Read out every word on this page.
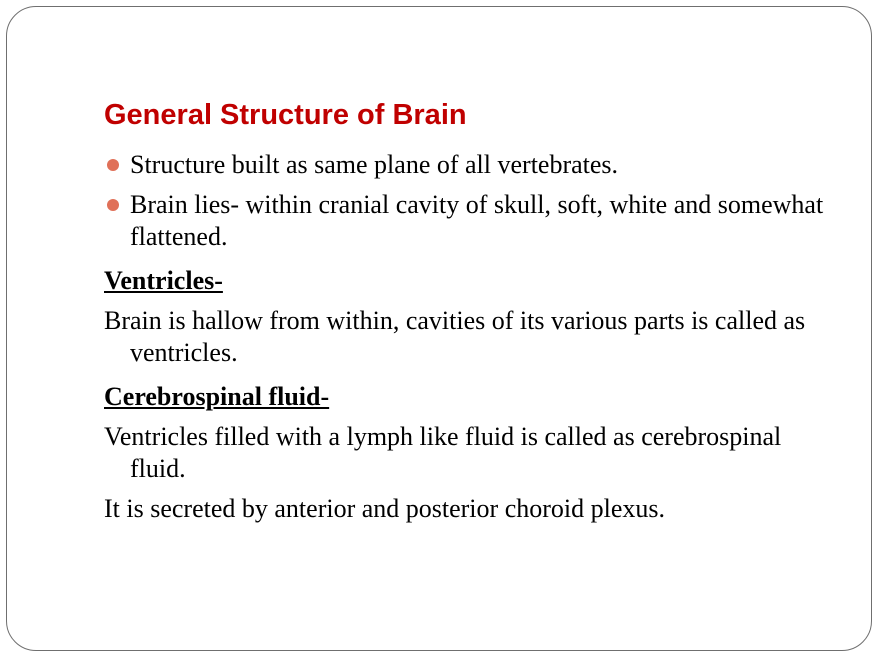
General Structure of Brain
Structure built as same plane of all vertebrates.
Brain lies- within cranial cavity of skull, soft, white and somewhat flattened.
Ventricles-
Brain is hallow from within, cavities of its various parts is called as ventricles.
Cerebrospinal fluid-
Ventricles filled with a lymph like fluid is called as cerebrospinal fluid.
It is secreted by anterior and posterior choroid plexus.
